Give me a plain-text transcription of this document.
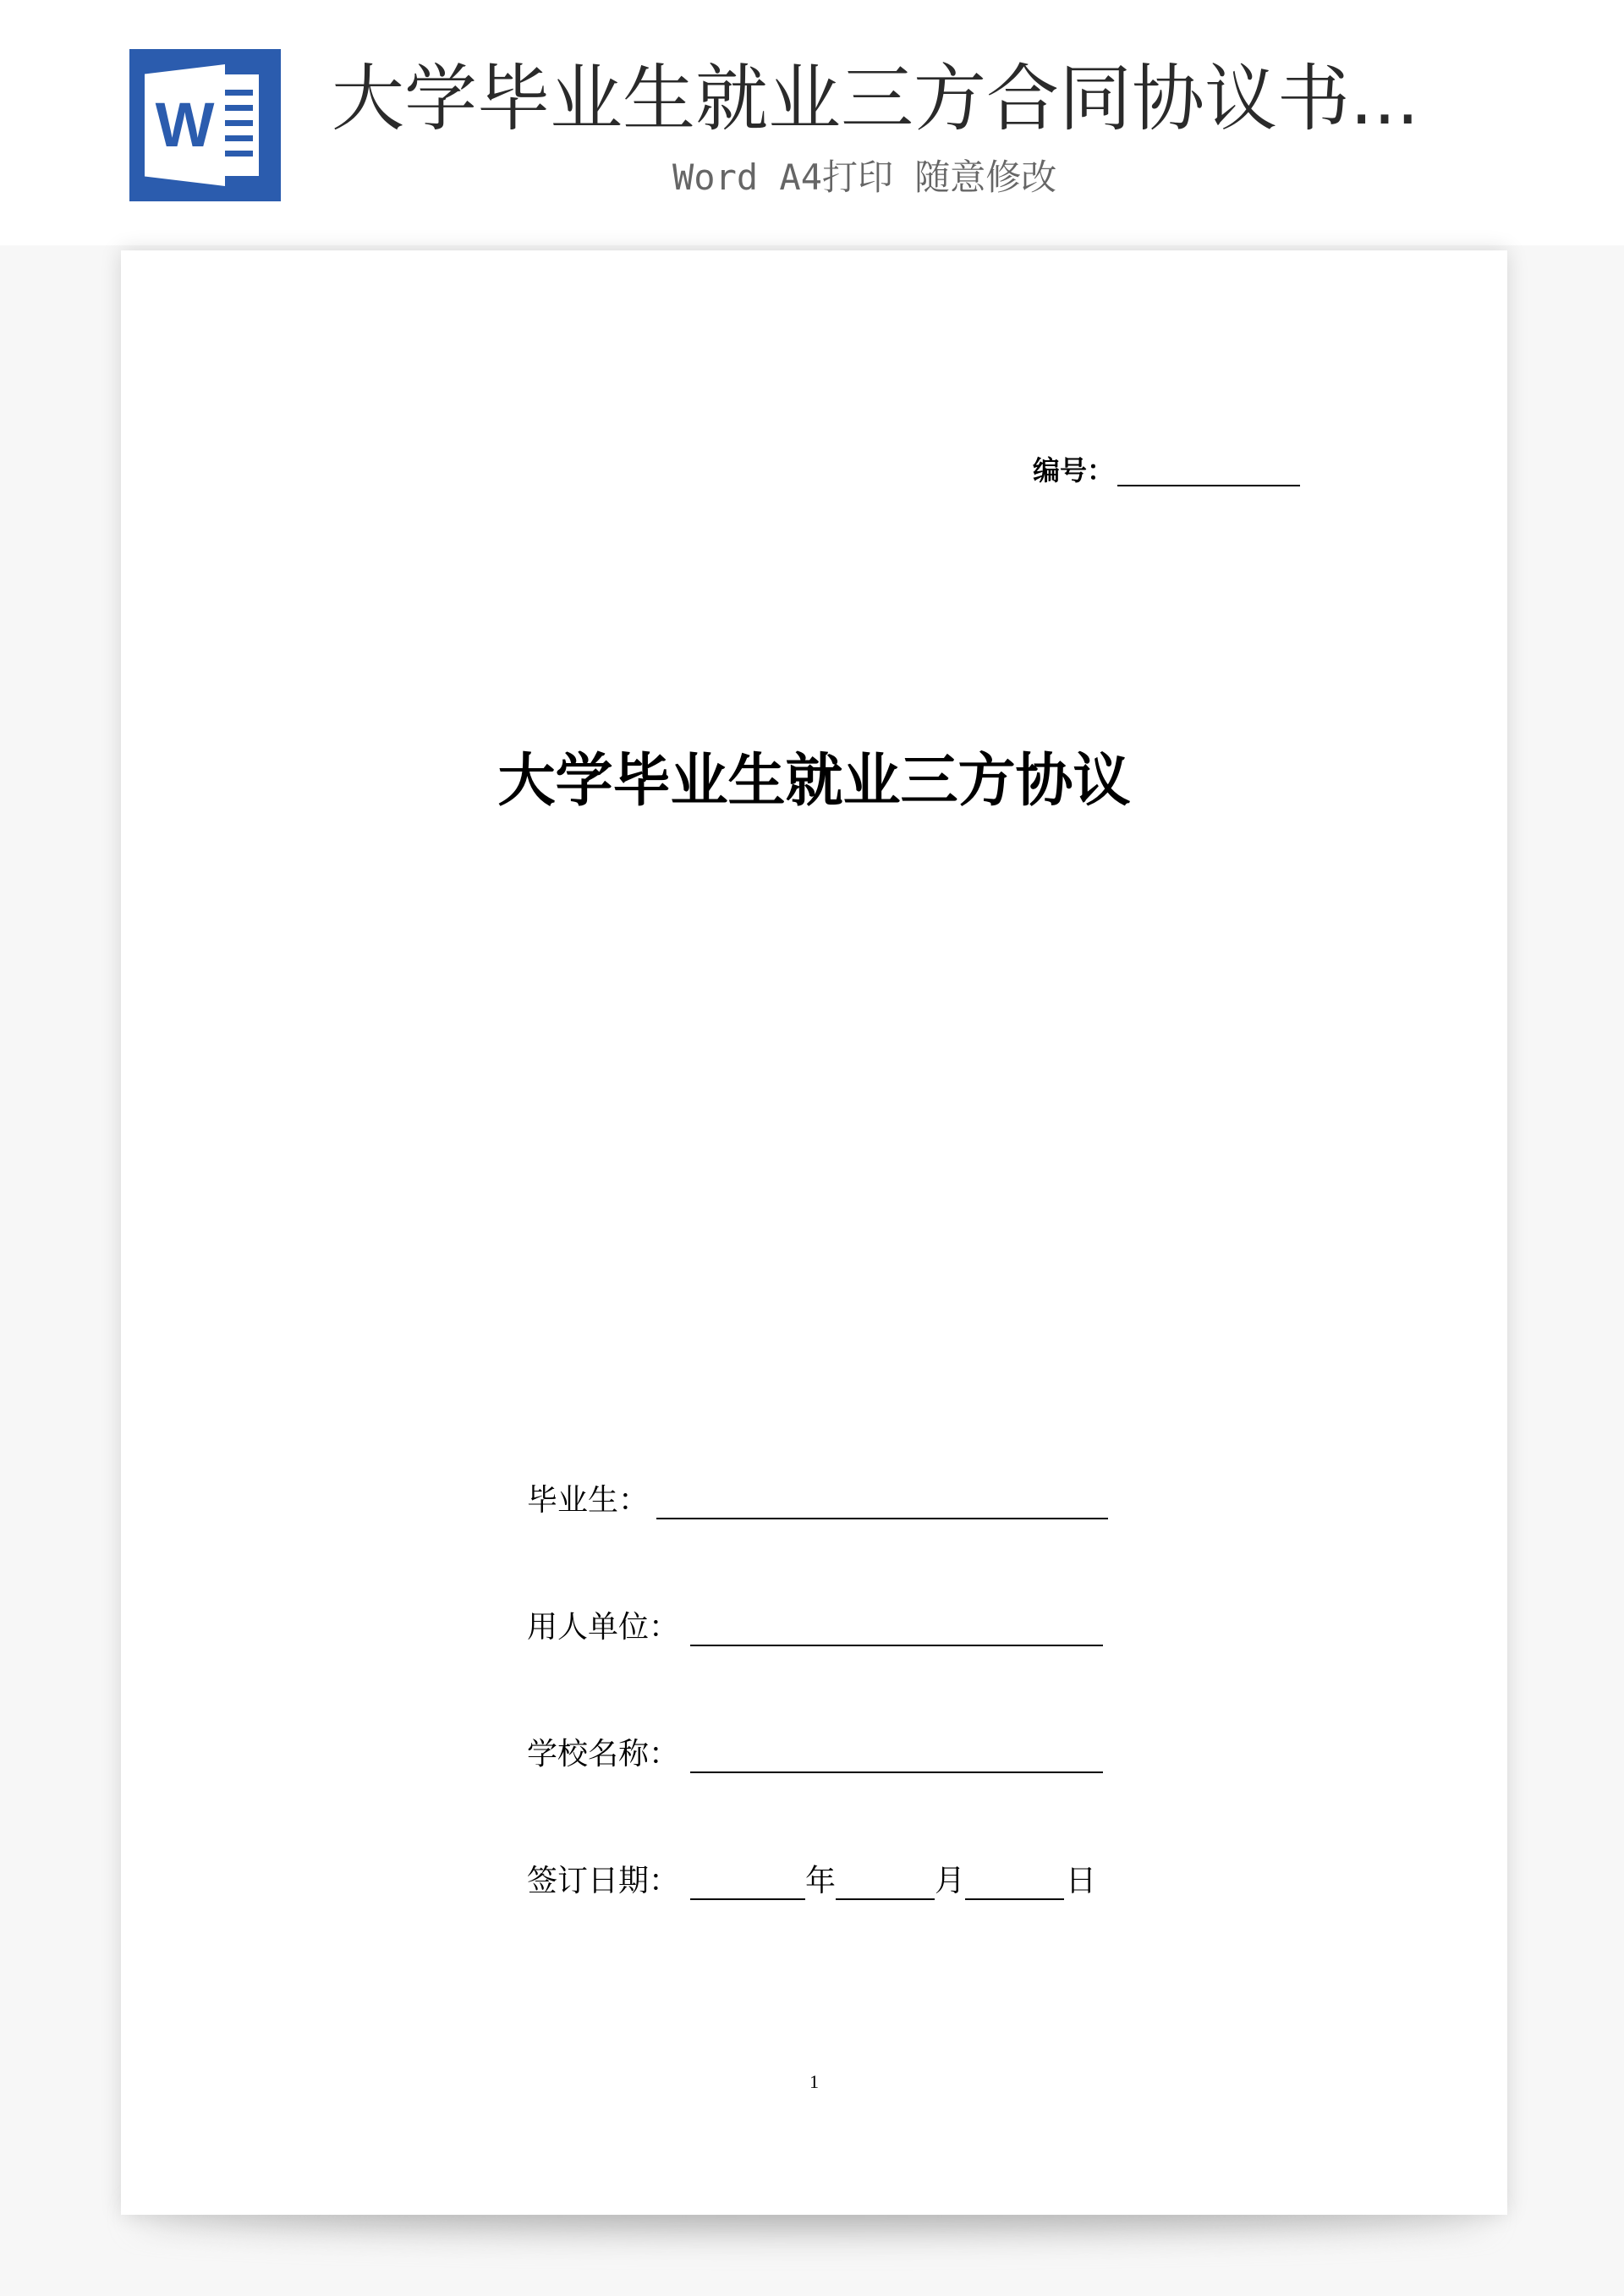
W 大学毕业生就业三方合同协议书...
Word A4打印 随意修改
编号：
大学毕业生就业三方协议
毕业生：
用人单位：
学校名称：
签订日期：	年	月	日
1
